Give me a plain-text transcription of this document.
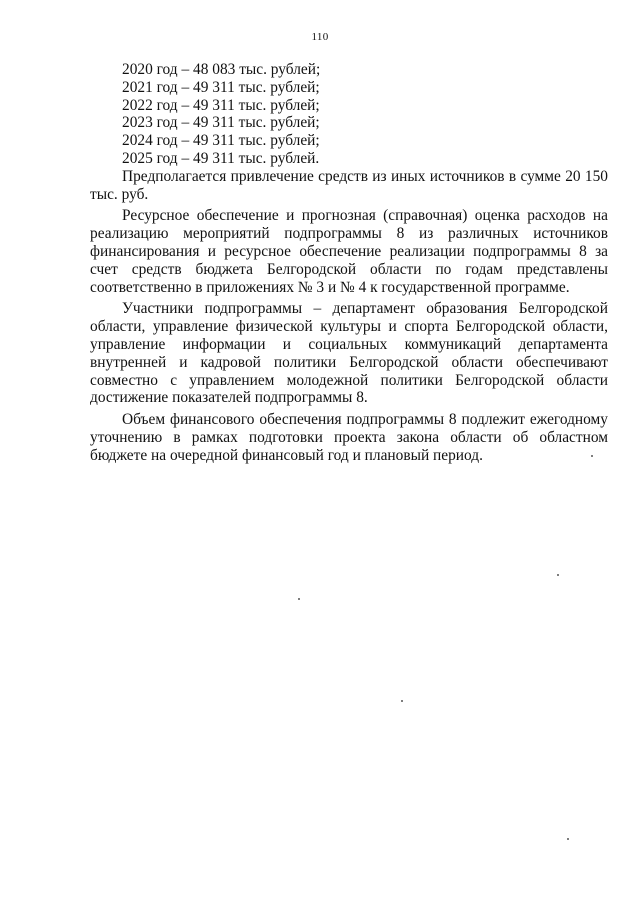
110
2020 год – 48 083 тыс. рублей;
2021 год – 49 311 тыс. рублей;
2022 год – 49 311 тыс. рублей;
2023 год – 49 311 тыс. рублей;
2024 год – 49 311 тыс. рублей;
2025 год – 49 311 тыс. рублей.

Предполагается привлечение средств из иных источников в сумме 20 150 тыс. руб.

Ресурсное обеспечение и прогнозная (справочная) оценка расходов на реализацию мероприятий подпрограммы 8 из различных источников финансирования и ресурсное обеспечение реализации подпрограммы 8 за счет средств бюджета Белгородской области по годам представлены соответственно в приложениях № 3 и № 4 к государственной программе.

Участники подпрограммы – департамент образования Белгородской области, управление физической культуры и спорта Белгородской области, управление информации и социальных коммуникаций департамента внутренней и кадровой политики Белгородской области обеспечивают совместно с управлением молодежной политики Белгородской области достижение показателей подпрограммы 8.

Объем финансового обеспечения подпрограммы 8 подлежит ежегодному уточнению в рамках подготовки проекта закона области об областном бюджете на очередной финансовый год и плановый период.
